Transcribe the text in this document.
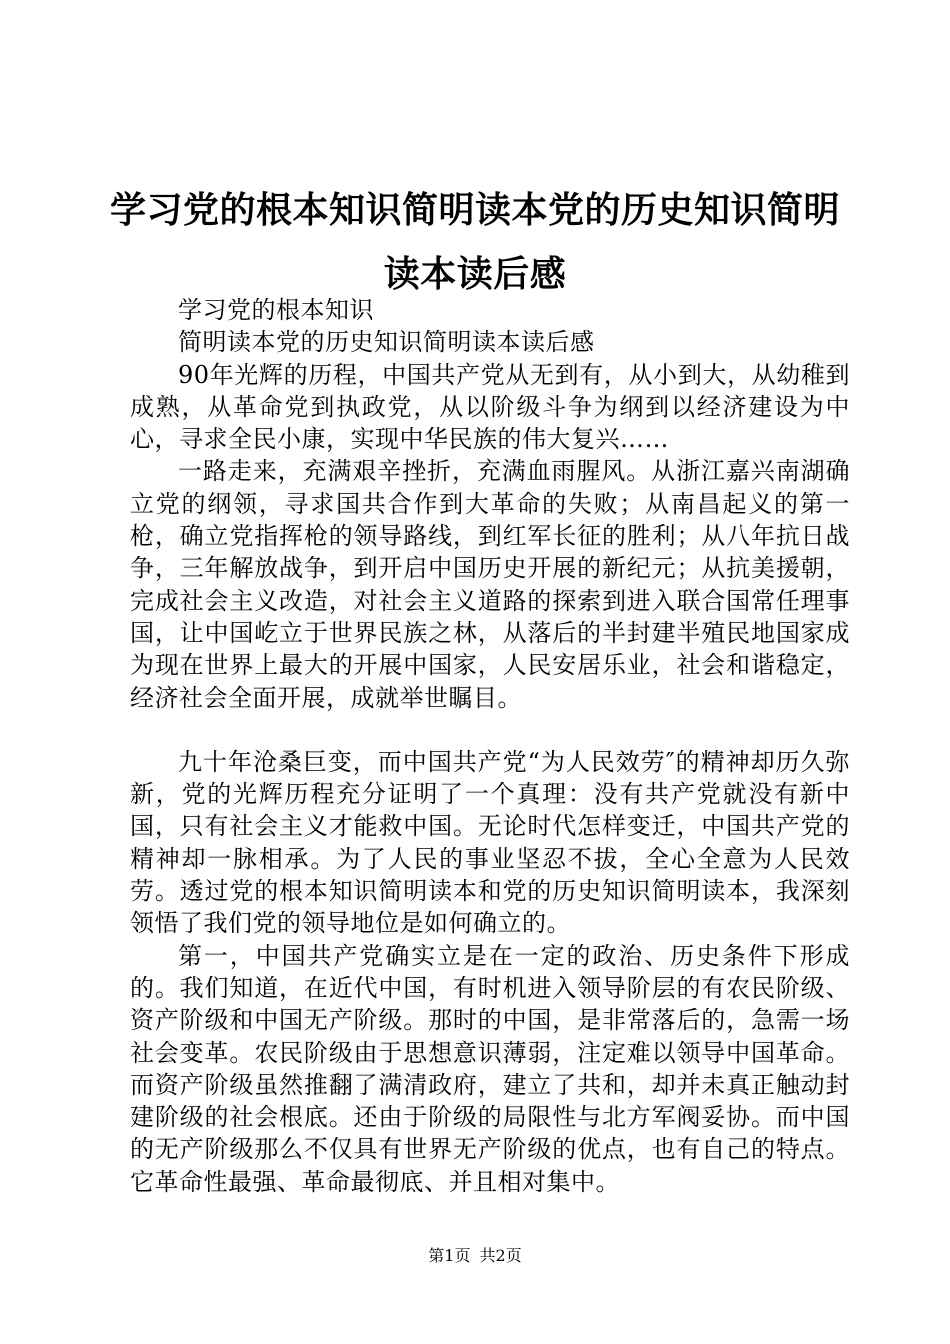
学习党的根本知识简明读本党的历史知识简明读本读后感

学习党的根本知识

简明读本党的历史知识简明读本读后感

90年光辉的历程，中国共产党从无到有，从小到大，从幼稚到成熟，从革命党到执政党，从以阶级斗争为纲到以经济建设为中心，寻求全民小康，实现中华民族的伟大复兴……

一路走来，充满艰辛挫折，充满血雨腥风。从浙江嘉兴南湖确立党的纲领，寻求国共合作到大革命的失败；从南昌起义的第一枪，确立党指挥枪的领导路线，到红军长征的胜利；从八年抗日战争，三年解放战争，到开启中国历史开展的新纪元；从抗美援朝，完成社会主义改造，对社会主义道路的探索到进入联合国常任理事国，让中国屹立于世界民族之林，从落后的半封建半殖民地国家成为现在世界上最大的开展中国家，人民安居乐业，社会和谐稳定，经济社会全面开展，成就举世瞩目。

九十年沧桑巨变，而中国共产党“为人民效劳″的精神却历久弥新，党的光辉历程充分证明了一个真理：没有共产党就没有新中国，只有社会主义才能救中国。无论时代怎样变迁，中国共产党的精神却一脉相承。为了人民的事业坚忍不拔，全心全意为人民效劳。透过党的根本知识简明读本和党的历史知识简明读本，我深刻领悟了我们党的领导地位是如何确立的。

第一，中国共产党确实立是在一定的政治、历史条件下形成的。我们知道，在近代中国，有时机进入领导阶层的有农民阶级、资产阶级和中国无产阶级。那时的中国，是非常落后的，急需一场社会变革。农民阶级由于思想意识薄弱，注定难以领导中国革命。而资产阶级虽然推翻了满清政府，建立了共和，却并未真正触动封建阶级的社会根底。还由于阶级的局限性与北方军阀妥协。而中国的无产阶级那么不仅具有世界无产阶级的优点，也有自己的特点。它革命性最强、革命最彻底、并且相对集中。

第1页 共2页
